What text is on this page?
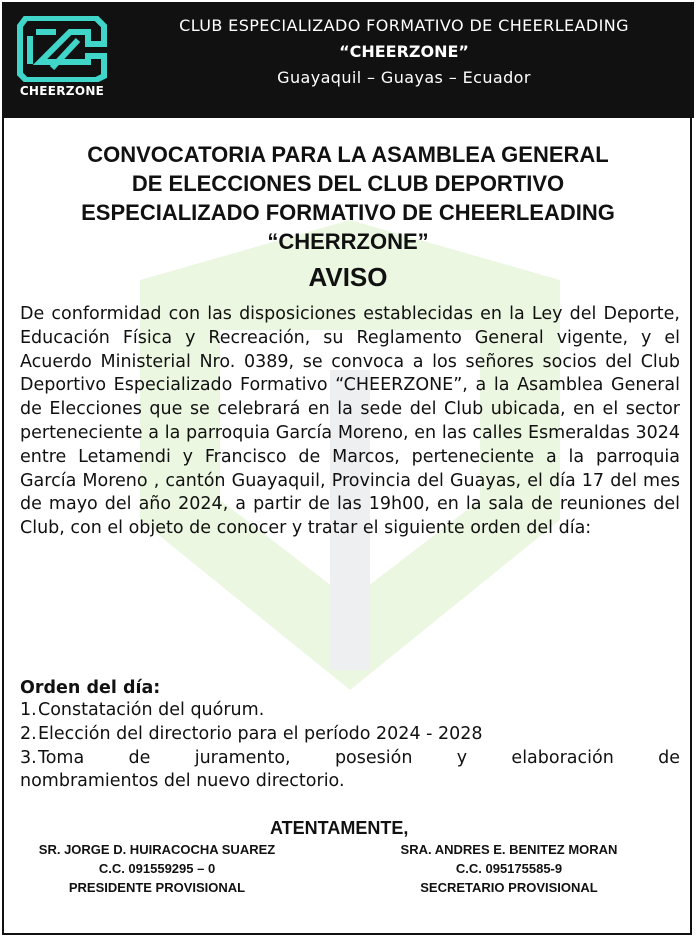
CHEERZONE
CLUB ESPECIALIZADO FORMATIVO DE CHEERLEADING
“CHEERZONE”
Guayaquil – Guayas – Ecuador
CONVOCATORIA PARA LA ASAMBLEA GENERAL
DE ELECCIONES DEL CLUB DEPORTIVO
ESPECIALIZADO FORMATIVO DE CHEERLEADING
“CHERRZONE”
AVISO
De conformidad con las disposiciones establecidas en la Ley del Deporte, Educación Física y Recreación, su Reglamento General vigente, y el Acuerdo Ministerial Nro. 0389, se convoca a los señores socios del Club Deportivo Especializado Formativo “CHEERZONE”, a la Asamblea General de Elecciones que se celebrará en la sede del Club ubicada, en el sector perteneciente a la parroquia García Moreno, en las calles Esmeraldas 3024 entre Letamendi y Francisco de Marcos, perteneciente a la parroquia García Moreno , cantón Guayaquil, Provincia del Guayas, el día 17 del mes de mayo del año 2024, a partir de las 19h00, en la sala de reuniones del Club, con el objeto de conocer y tratar el siguiente orden del día:
Orden del día:
1. Constatación del quórum.
2. Elección del directorio para el período 2024 - 2028
3. Toma de juramento, posesión y elaboración de
nombramientos del nuevo directorio.
ATENTAMENTE,
SR. JORGE D. HUIRACOCHA SUAREZ
C.C. 091559295 – 0
PRESIDENTE PROVISIONAL
SRA. ANDRES E. BENITEZ MORAN
C.C. 095175585-9
SECRETARIO PROVISIONAL
